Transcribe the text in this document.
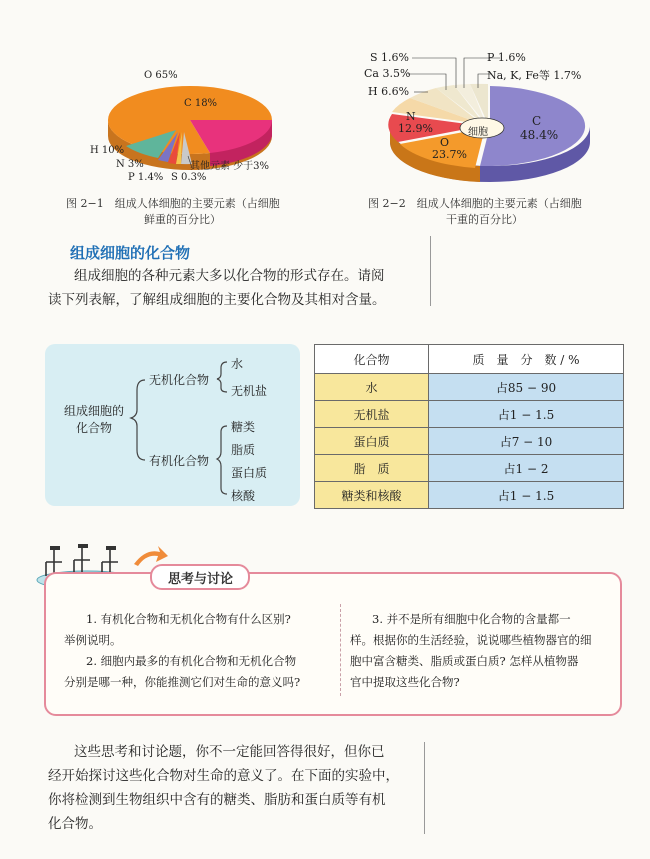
O 65%
C 18%
H 10%
N 3%
P 1.4% S 0.3%
其他元素 少于3%
图 2−1　组成人体细胞的主要元素（占细胞
鲜重的百分比）
S 1.6%
Ca 3.5%
H 6.6%
P 1.6%
Na, K, Fe等 1.7%
N
12.9%
O
23.7%
C
48.4%
细胞
图 2−2　组成人体细胞的主要元素（占细胞
干重的百分比）
组成细胞的化合物
组成细胞的各种元素大多以化合物的形式存在。请阅
读下列表解，了解组成细胞的主要化合物及其相对含量。
组成细胞的
化合物
无机化合物
水
无机盐
有机化合物
糖类
脂质
蛋白质
核酸
化合物	质　量　分　数 / %
水	占85 − 90
无机盐	占1 − 1.5
蛋白质	占7 − 10
脂　质	占1 − 2
糖类和核酸	占1 − 1.5
思考与讨论
1. 有机化合物和无机化合物有什么区别?
举例说明。
2. 细胞内最多的有机化合物和无机化合物
分别是哪一种，你能推测它们对生命的意义吗?
3. 并不是所有细胞中化合物的含量都一
样。根据你的生活经验，说说哪些植物器官的细
胞中富含糖类、脂质或蛋白质? 怎样从植物器
官中提取这些化合物?
这些思考和讨论题，你不一定能回答得很好，但你已
经开始探讨这些化合物对生命的意义了。在下面的实验中，
你将检测到生物组织中含有的糖类、脂肪和蛋白质等有机
化合物。
